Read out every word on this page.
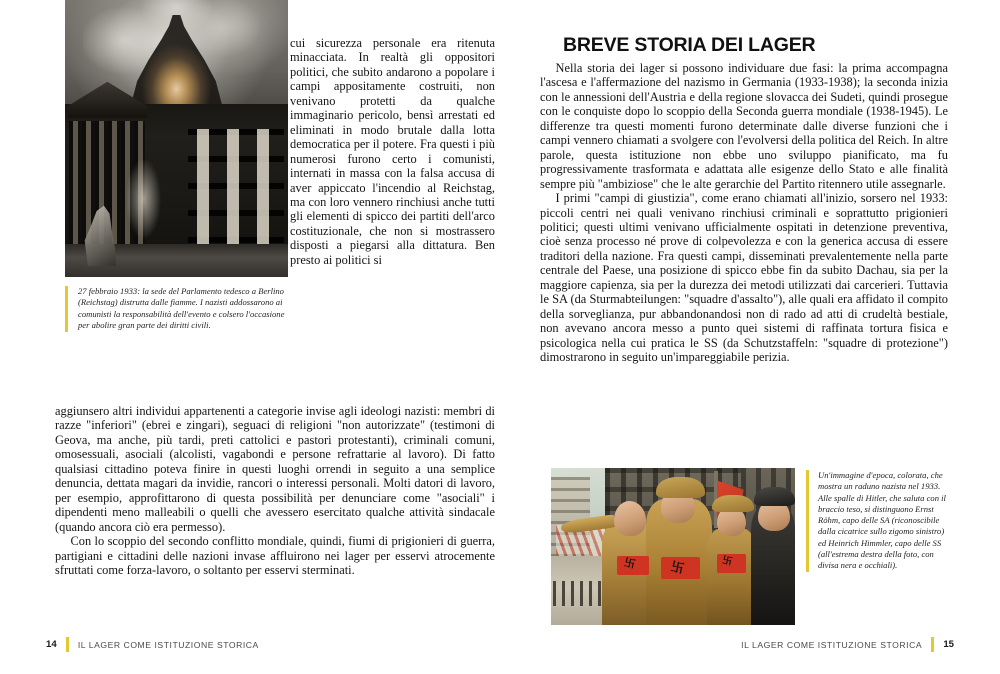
27 febbraio 1933: la sede del Parlamento tedesco a Berlino (Reichstag) distrutta dalle fiamme. I nazisti addossarono ai comunisti la responsabilità dell'evento e colsero l'occasione per abolire gran parte dei diritti civili.

cui sicurezza personale era ritenuta minacciata. In realtà gli oppositori politici, che subito andarono a popolare i campi appositamente costruiti, non venivano protetti da qualche immaginario pericolo, bensì arrestati ed eliminati in modo brutale dalla lotta democratica per il potere. Fra questi i più numerosi furono certo i comunisti, internati in massa con la falsa accusa di aver appiccato l'incendio al Reichstag, ma con loro vennero rinchiusi anche tutti gli elementi di spicco dei partiti dell'arco costituzionale, che non si mostrassero disposti a piegarsi alla dittatura. Ben presto ai politici si

aggiunsero altri individui appartenenti a categorie invise agli ideologi nazisti: membri di razze "inferiori" (ebrei e zingari), seguaci di religioni "non autorizzate" (testimoni di Geova, ma anche, più tardi, preti cattolici e pastori protestanti), criminali comuni, omosessuali, asociali (alcolisti, vagabondi e persone refrattarie al lavoro). Di fatto qualsiasi cittadino poteva finire in questi luoghi orrendi in seguito a una semplice denuncia, dettata magari da invidie, rancori o interessi personali. Molti datori di lavoro, per esempio, approfittarono di questa possibilità per denunciare come "asociali" i dipendenti meno malleabili o quelli che avessero esercitato qualche attività sindacale (quando ancora ciò era permesso).

Con lo scoppio del secondo conflitto mondiale, quindi, fiumi di prigionieri di guerra, partigiani e cittadini delle nazioni invase affluirono nei lager per esservi atrocemente sfruttati come forza-lavoro, o soltanto per esservi sterminati.

14 IL LAGER COME ISTITUZIONE STORICA
BREVE STORIA DEI LAGER

Nella storia dei lager si possono individuare due fasi: la prima accompagna l'ascesa e l'affermazione del nazismo in Germania (1933-1938); la seconda inizia con le annessioni dell'Austria e della regione slovacca dei Sudeti, quindi prosegue con le conquiste dopo lo scoppio della Seconda guerra mondiale (1938-1945). Le differenze tra questi momenti furono determinate dalle diverse funzioni che i campi vennero chiamati a svolgere con l'evolversi della politica del Reich. In altre parole, questa istituzione non ebbe uno sviluppo pianificato, ma fu progressivamente trasformata e adattata alle esigenze dello Stato e alle finalità sempre più "ambiziose" che le alte gerarchie del Partito ritennero utile assegnarle.

I primi "campi di giustizia", come erano chiamati all'inizio, sorsero nel 1933: piccoli centri nei quali venivano rinchiusi criminali e soprattutto prigionieri politici; questi ultimi venivano ufficialmente ospitati in detenzione preventiva, cioè senza processo né prove di colpevolezza e con la generica accusa di essere traditori della nazione. Fra questi campi, disseminati prevalentemente nella parte centrale del Paese, una posizione di spicco ebbe fin da subito Dachau, sia per la maggiore capienza, sia per la durezza dei metodi utilizzati dai carcerieri. Tuttavia le SA (da Sturmabteilungen: "squadre d'assalto"), alle quali era affidato il compito della sorveglianza, pur abbandonandosi non di rado ad atti di crudeltà bestiale, non avevano ancora messo a punto quei sistemi di raffinata tortura fisica e psicologica nella cui pratica le SS (da Schutzstaffeln: "squadre di protezione") dimostrarono in seguito un'impareggiabile perizia.

卐	卐	卐
Un'immagine d'epoca, colorata, che mostra un raduno nazista nel 1933. Alle spalle di Hitler, che saluta con il braccio teso, si distinguono Ernst Röhm, capo delle SA (riconoscibile dalla cicatrice sullo zigomo sinistro) ed Heinrich Himmler, capo delle SS (all'estrema destra della foto, con divisa nera e occhiali).
IL LAGER COME ISTITUZIONE STORICA 15
